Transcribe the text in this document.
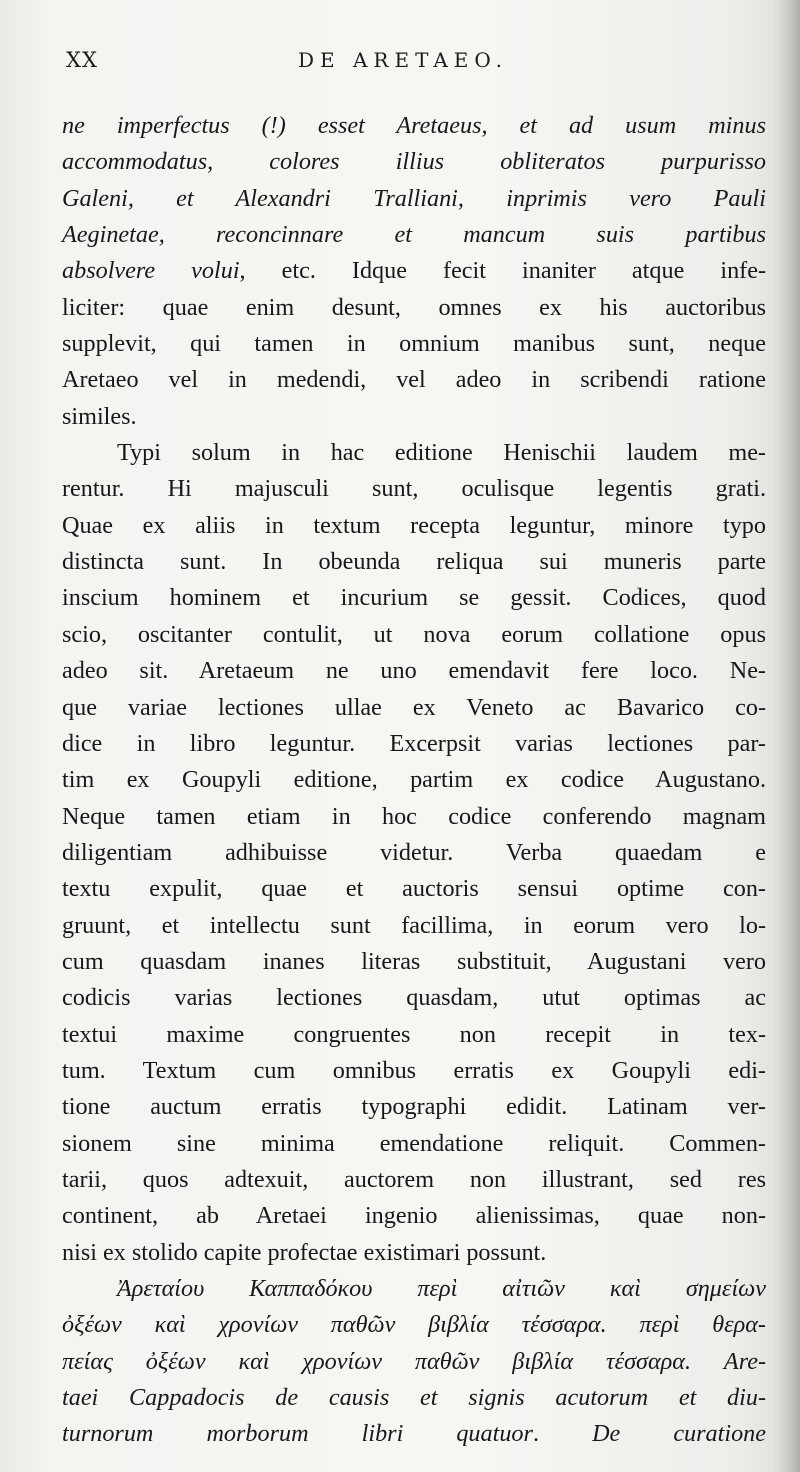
XX	DE ARETAEO.
ne imperfectus (!) esset Aretaeus, et ad usum minus
accommodatus, colores illius obliteratos purpurisso
Galeni, et Alexandri Tralliani, inprimis vero Pauli
Aeginetae, reconcinnare et mancum suis partibus
absolvere volui, etc. Idque fecit inaniter atque infe-
liciter: quae enim desunt, omnes ex his auctoribus
supplevit, qui tamen in omnium manibus sunt, neque
Aretaeo vel in medendi, vel adeo in scribendi ratione
similes.
Typi solum in hac editione Henischii laudem me-
rentur. Hi majusculi sunt, oculisque legentis grati.
Quae ex aliis in textum recepta leguntur, minore typo
distincta sunt. In obeunda reliqua sui muneris parte
inscium hominem et incurium se gessit. Codices, quod
scio, oscitanter contulit, ut nova eorum collatione opus
adeo sit. Aretaeum ne uno emendavit fere loco. Ne-
que variae lectiones ullae ex Veneto ac Bavarico co-
dice in libro leguntur. Excerpsit varias lectiones par-
tim ex Goupyli editione, partim ex codice Augustano.
Neque tamen etiam in hoc codice conferendo magnam
diligentiam adhibuisse videtur. Verba quaedam e
textu expulit, quae et auctoris sensui optime con-
gruunt, et intellectu sunt facillima, in eorum vero lo-
cum quasdam inanes literas substituit, Augustani vero
codicis varias lectiones quasdam, utut optimas ac
textui maxime congruentes non recepit in tex-
tum. Textum cum omnibus erratis ex Goupyli edi-
tione auctum erratis typographi edidit. Latinam ver-
sionem sine minima emendatione reliquit. Commen-
tarii, quos adtexuit, auctorem non illustrant, sed res
continent, ab Aretaei ingenio alienissimas, quae non-
nisi ex stolido capite profectae existimari possunt.
Ἀρεταίου Καππαδόκου περὶ αἰτιῶν καὶ σημείων
ὀξέων καὶ χρονίων παθῶν βιβλία τέσσαρα. περὶ θερα-
πείας ὀξέων καὶ χρονίων παθῶν βιβλία τέσσαρα. Are-
taei Cappadocis de causis et signis acutorum et diu-
turnorum morborum libri quatuor. De curatione
